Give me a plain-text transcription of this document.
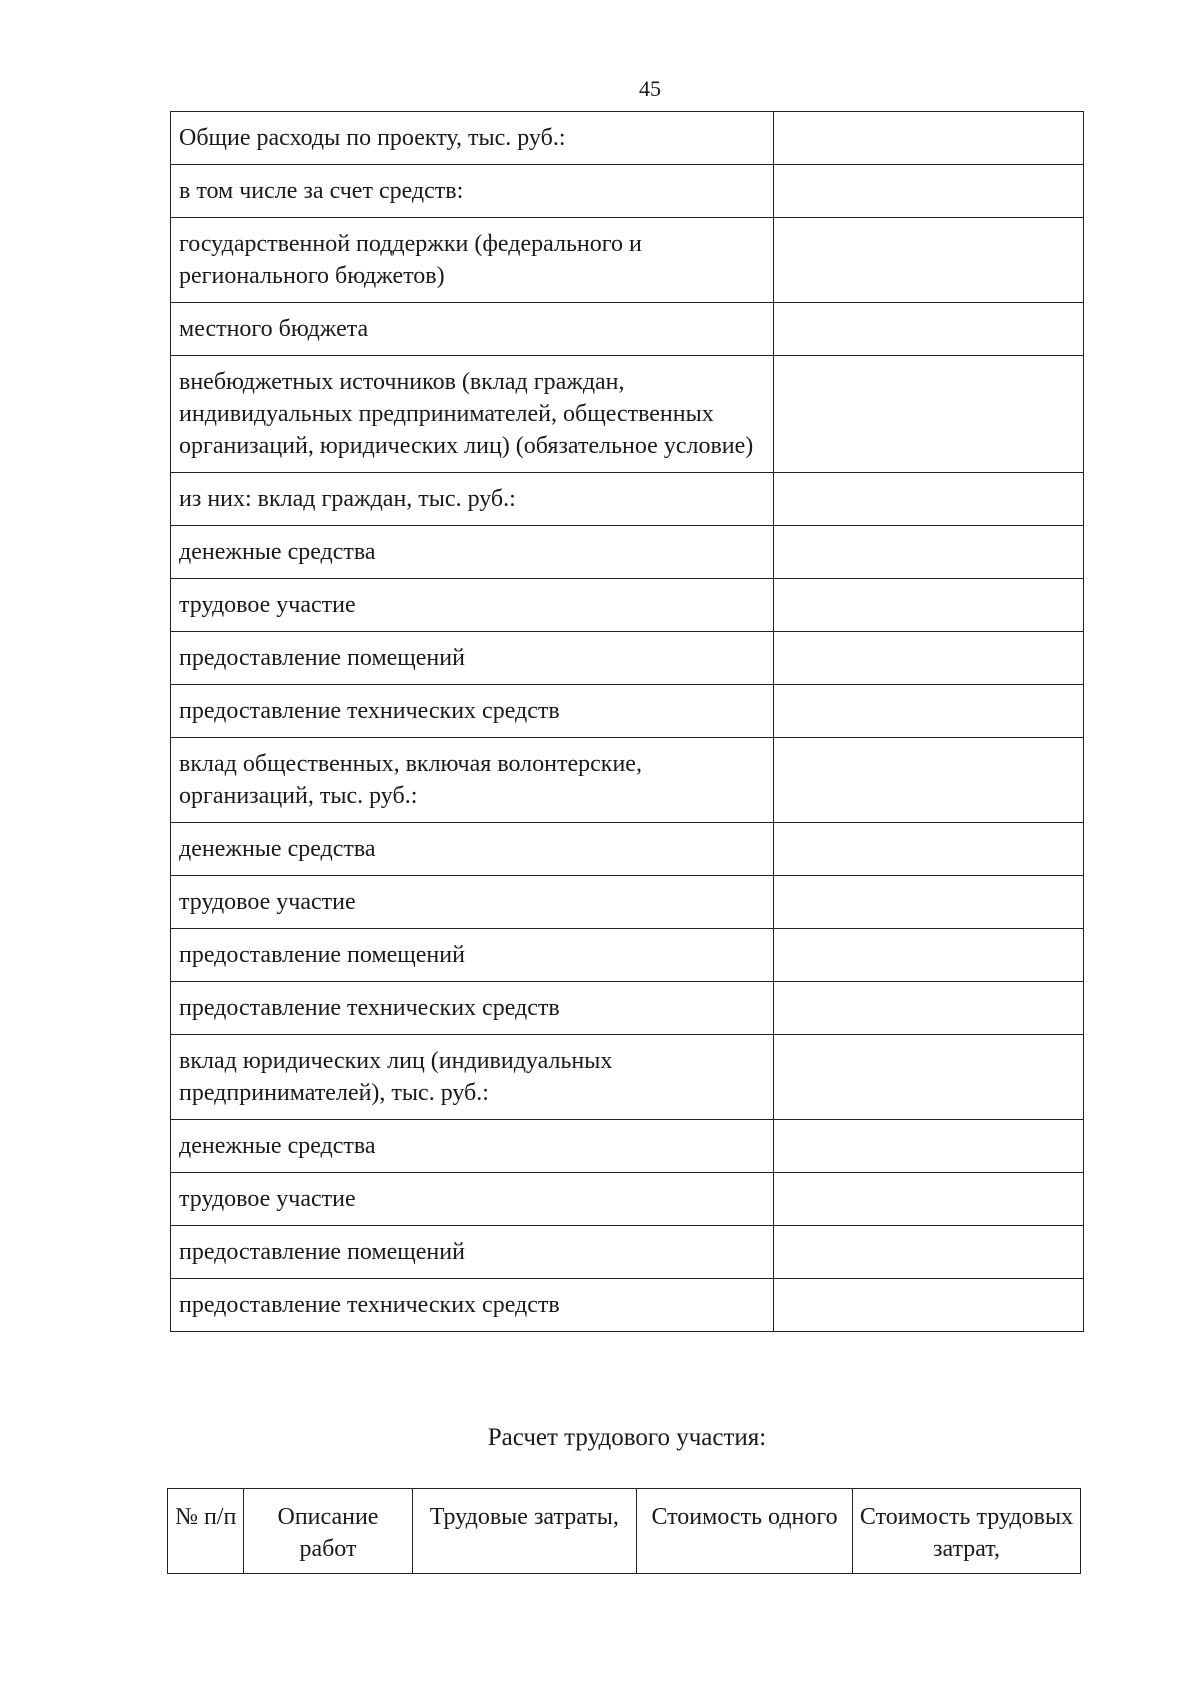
45
Общие расходы по проекту, тыс. руб.:	
в том числе за счет средств:	
государственной поддержки (федерального и регионального бюджетов)	
местного бюджета	
внебюджетных источников (вклад граждан, индивидуальных предпринимателей, общественных организаций, юридических лиц) (обязательное условие)	
из них: вклад граждан, тыс. руб.:	
денежные средства	
трудовое участие	
предоставление помещений	
предоставление технических средств	
вклад общественных, включая волонтерские, организаций, тыс. руб.:	
денежные средства	
трудовое участие	
предоставление помещений	
предоставление технических средств	
вклад юридических лиц (индивидуальных предпринимателей), тыс. руб.:	
денежные средства	
трудовое участие	
предоставление помещений	
предоставление технических средств	
Расчет трудового участия:
№ п/п	Описание работ	Трудовые затраты,	Стоимость одного	Стоимость трудовых затрат,
